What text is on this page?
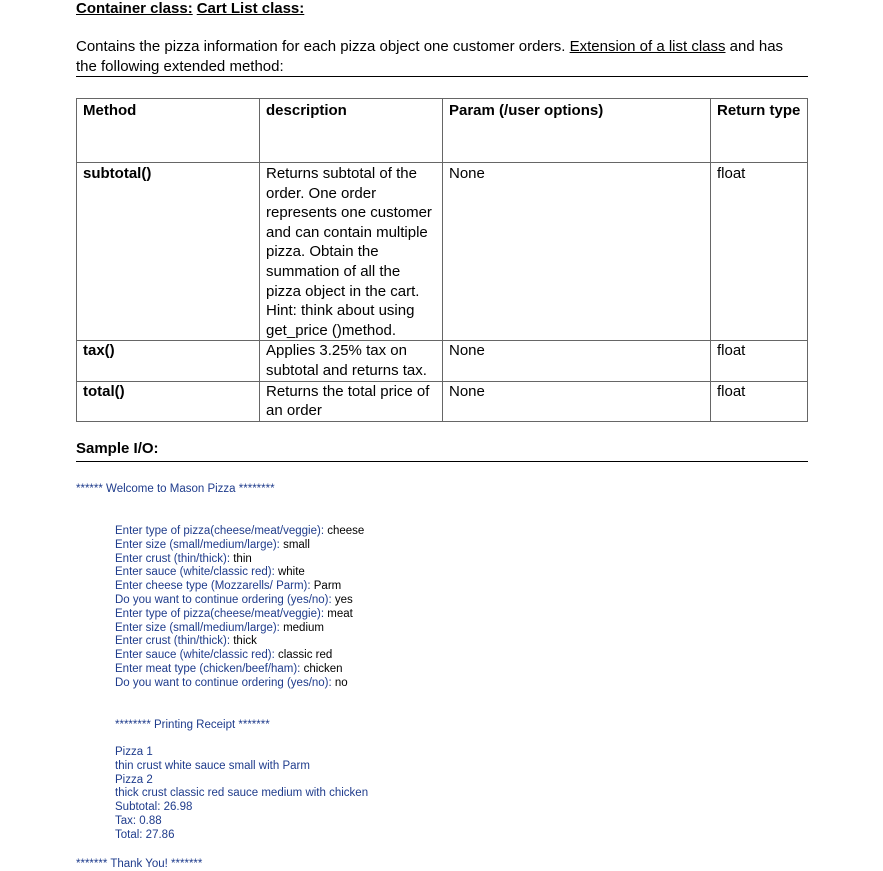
Container class: Cart List class:
Contains the pizza information for each pizza object one customer orders. Extension of a list class and has the following extended method:
Method	description	Param (/user options)	Return type
subtotal()	Returns subtotal of the order. One order represents one customer and can contain multiple pizza. Obtain the summation of all the pizza object in the cart. Hint: think about using get_price ()method.	None	float
tax()	Applies 3.25% tax on subtotal and returns tax.	None	float
total()	Returns the total price of an order	None	float
Sample I/O:
****** Welcome to Mason Pizza ********
Enter type of pizza(cheese/meat/veggie): cheese
Enter size (small/medium/large): small
Enter crust (thin/thick): thin
Enter sauce (white/classic red): white
Enter cheese type (Mozzarells/ Parm): Parm
Do you want to continue ordering (yes/no): yes
Enter type of pizza(cheese/meat/veggie): meat
Enter size (small/medium/large): medium
Enter crust (thin/thick): thick
Enter sauce (white/classic red): classic red
Enter meat type (chicken/beef/ham): chicken
Do you want to continue ordering (yes/no): no
******** Printing Receipt *******
Pizza 1
thin crust white sauce small with Parm
Pizza 2
thick crust classic red sauce medium with chicken
Subtotal: 26.98
Tax: 0.88
Total: 27.86
******* Thank You! *******
